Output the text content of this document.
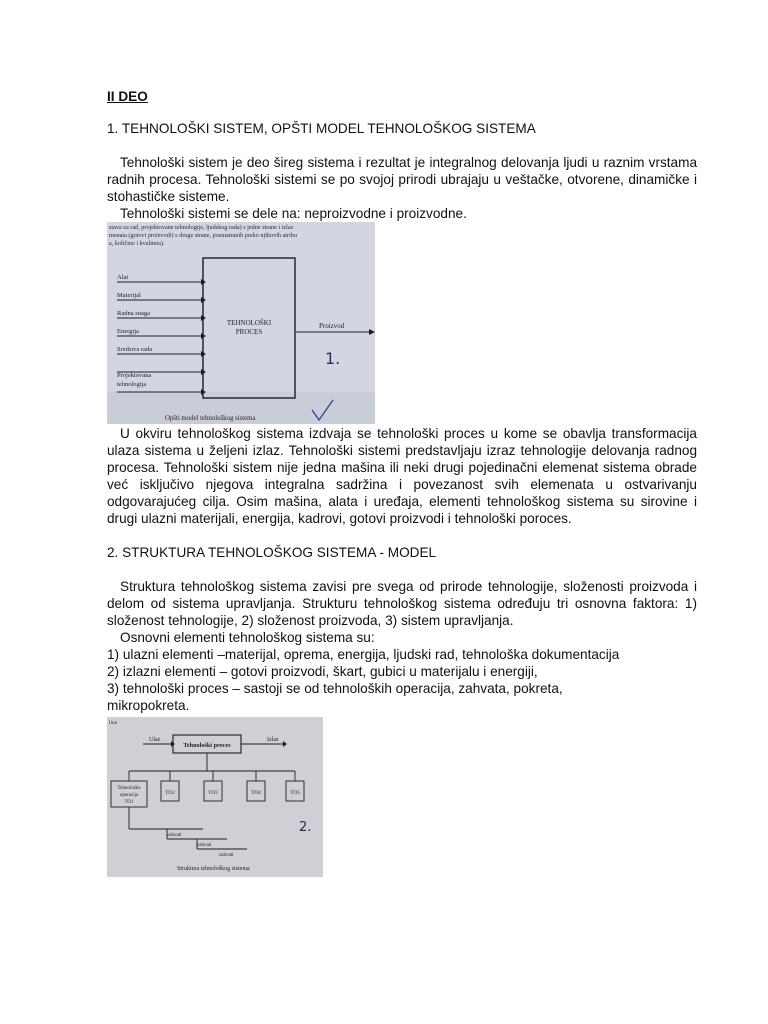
II DEO
1. TEHNOLOŠKI SISTEM, OPŠTI MODEL TEHNOLOŠKOG SISTEMA

Tehnološki sistem je deo šireg sistema i rezultat je integralnog delovanja ljudi u raznim vrstama radnih procesa. Tehnološki sistemi se po svojoj prirodi ubrajaju u veštačke, otvorene, dinamičke i stohastičke sisteme.

Tehnološki sistemi se dele na: neproizvodne i proizvodne.

stava za rad, projektovane tehnologije, ljudskog rada) s jedne strane i izlaz
menata (gotovi proizvodi) s druge strane, posmatranih preko njihovih atribu
a, količine i kvaliteta).
TEHNOLOŠKI
PROCES
Alat
Materijal
Radna snaga
Energija
Sredstva rada
Projektovana
tehnologija
Proizvod
1.
Opšti model tehnološkog sistema

U okviru tehnološkog sistema izdvaja se tehnološki proces u kome se obavlja transformacija ulaza sistema u željeni izlaz. Tehnološki sistemi predstavljaju izraz tehnologije delovanja radnog procesa. Tehnološki sistem nije jedna mašina ili neki drugi pojedinačni elemenat sistema obrade već isključivo njegova integralna sadržina i povezanost svih elemenata u ostvarivanju odgovarajućeg cilja. Osim mašina, alata i uređaja, elementi tehnološkog sistema su sirovine i drugi ulazni materijali, energija, kadrovi, gotovi proizvodi i tehnološki poroces.

2. STRUKTURA TEHNOLOŠKOG SISTEMA - MODEL

Struktura tehnološkog sistema zavisi pre svega od prirode tehnologije, složenosti proizvoda i delom od sistema upravljanja. Strukturu tehnološkog sistema određuju tri osnovna faktora: 1) složenost tehnologije, 2) složenost proizvoda, 3) sistem upravljanja.

Osnovni elementi tehnološkog sistema su:

1) ulazni elementi –materijal, oprema, energija, ljudski rad, tehnološka dokumentacija

2) izlazni elementi – gotovi proizvodi, škart, gubici u materijalu i energiji,

3) tehnološki proces – sastoji se od tehnoloških operacija, zahvata, pokreta,

mikropokreta.

line
Tehnološki proces
Ulaz	Izlaz
Tehnološka
operacija
TO1
TO2	TO3	TO4	TO5
zahvati
zahvati
zahvati
2.
Struktura tehnološkog sistema
